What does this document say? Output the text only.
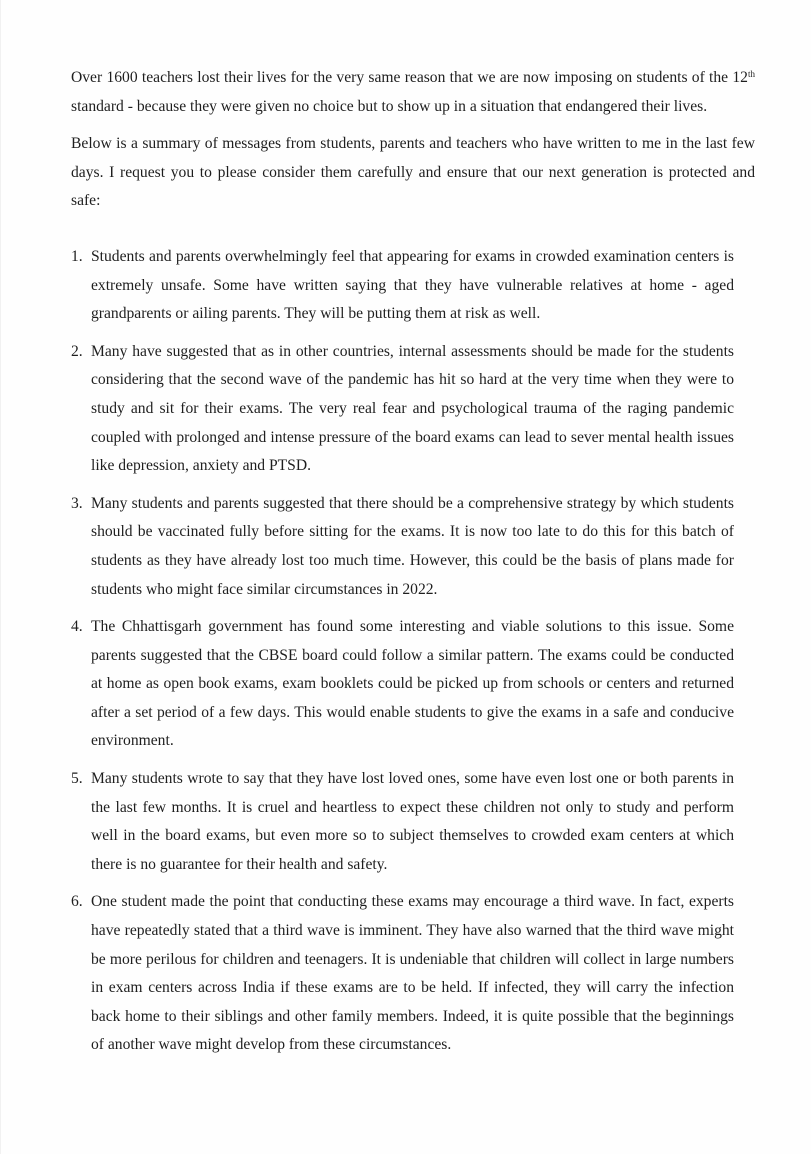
Over 1600 teachers lost their lives for the very same reason that we are now imposing on students of the 12th standard - because they were given no choice but to show up in a situation that endangered their lives.

Below is a summary of messages from students, parents and teachers who have written to me in the last few days. I request you to please consider them carefully and ensure that our next generation is protected and safe:

1. Students and parents overwhelmingly feel that appearing for exams in crowded examination centers is extremely unsafe. Some have written saying that they have vulnerable relatives at home - aged grandparents or ailing parents. They will be putting them at risk as well.
2. Many have suggested that as in other countries, internal assessments should be made for the students considering that the second wave of the pandemic has hit so hard at the very time when they were to study and sit for their exams. The very real fear and psychological trauma of the raging pandemic coupled with prolonged and intense pressure of the board exams can lead to sever mental health issues like depression, anxiety and PTSD.
3. Many students and parents suggested that there should be a comprehensive strategy by which students should be vaccinated fully before sitting for the exams. It is now too late to do this for this batch of students as they have already lost too much time. However, this could be the basis of plans made for students who might face similar circumstances in 2022.
4. The Chhattisgarh government has found some interesting and viable solutions to this issue. Some parents suggested that the CBSE board could follow a similar pattern. The exams could be conducted at home as open book exams, exam booklets could be picked up from schools or centers and returned after a set period of a few days. This would enable students to give the exams in a safe and conducive environment.
5. Many students wrote to say that they have lost loved ones, some have even lost one or both parents in the last few months. It is cruel and heartless to expect these children not only to study and perform well in the board exams, but even more so to subject themselves to crowded exam centers at which there is no guarantee for their health and safety.
6. One student made the point that conducting these exams may encourage a third wave. In fact, experts have repeatedly stated that a third wave is imminent. They have also warned that the third wave might be more perilous for children and teenagers. It is undeniable that children will collect in large numbers in exam centers across India if these exams are to be held. If infected, they will carry the infection back home to their siblings and other family members. Indeed, it is quite possible that the beginnings of another wave might develop from these circumstances.
